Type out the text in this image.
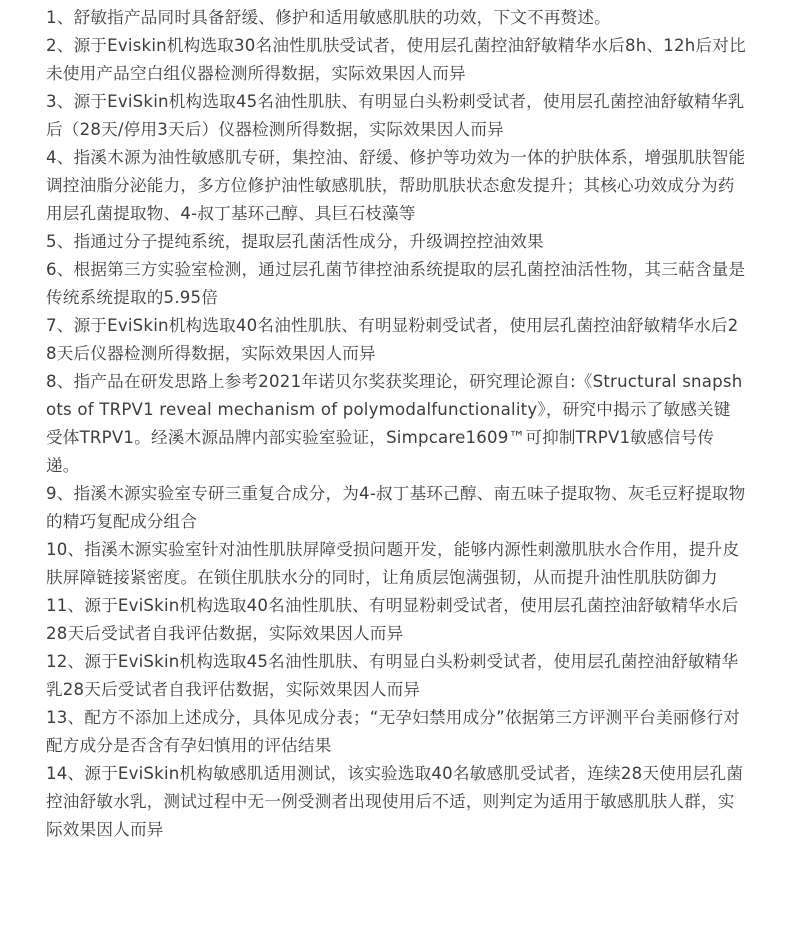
1、舒敏指产品同时具备舒缓、修护和适用敏感肌肤的功效，下文不再赘述。

2、源于Eviskin机构选取30名油性肌肤受试者，使用层孔菌控油舒敏精华水后8h、12h后对比未使用产品空白组仪器检测所得数据，实际效果因人而异

3、源于EviSkin机构选取45名油性肌肤、有明显白头粉刺受试者，使用层孔菌控油舒敏精华乳后（28天/停用3天后）仪器检测所得数据，实际效果因人而异

4、指溪木源为油性敏感肌专研，集控油、舒缓、修护等功效为一体的护肤体系，增强肌肤智能调控油脂分泌能力，多方位修护油性敏感肌肤，帮助肌肤状态愈发提升；其核心功效成分为药用层孔菌提取物、4-叔丁基环己醇、具巨石枝藻等

5、指通过分子提纯系统，提取层孔菌活性成分，升级调控控油效果

6、根据第三方实验室检测，通过层孔菌节律控油系统提取的层孔菌控油活性物，其三萜含量是传统系统提取的5.95倍

7、源于EviSkin机构选取40名油性肌肤、有明显粉刺受试者，使用层孔菌控油舒敏精华水后28天后仪器检测所得数据，实际效果因人而异

8、指产品在研发思路上参考2021年诺贝尔奖获奖理论，研究理论源自:《Structural snapshots of TRPV1 reveal mechanism of polymodalfunctionality》，研究中揭示了敏感关键受体TRPV1。经溪木源品牌内部实验室验证，Simpcare1609™可抑制TRPV1敏感信号传递。

9、指溪木源实验室专研三重复合成分，为4-叔丁基环己醇、南五味子提取物、灰毛豆籽提取物的精巧复配成分组合

10、指溪木源实验室针对油性肌肤屏障受损问题开发，能够内源性刺激肌肤水合作用，提升皮肤屏障链接紧密度。在锁住肌肤水分的同时，让角质层饱满强韧，从而提升油性肌肤防御力

11、源于EviSkin机构选取40名油性肌肤、有明显粉刺受试者，使用层孔菌控油舒敏精华水后28天后受试者自我评估数据，实际效果因人而异

12、源于EviSkin机构选取45名油性肌肤、有明显白头粉刺受试者，使用层孔菌控油舒敏精华乳28天后受试者自我评估数据，实际效果因人而异

13、配方不添加上述成分，具体见成分表；“无孕妇禁用成分”依据第三方评测平台美丽修行对配方成分是否含有孕妇慎用的评估结果

14、源于EviSkin机构敏感肌适用测试，该实验选取40名敏感肌受试者，连续28天使用层孔菌控油舒敏水乳，测试过程中无一例受测者出现使用后不适，则判定为适用于敏感肌肤人群，实际效果因人而异
